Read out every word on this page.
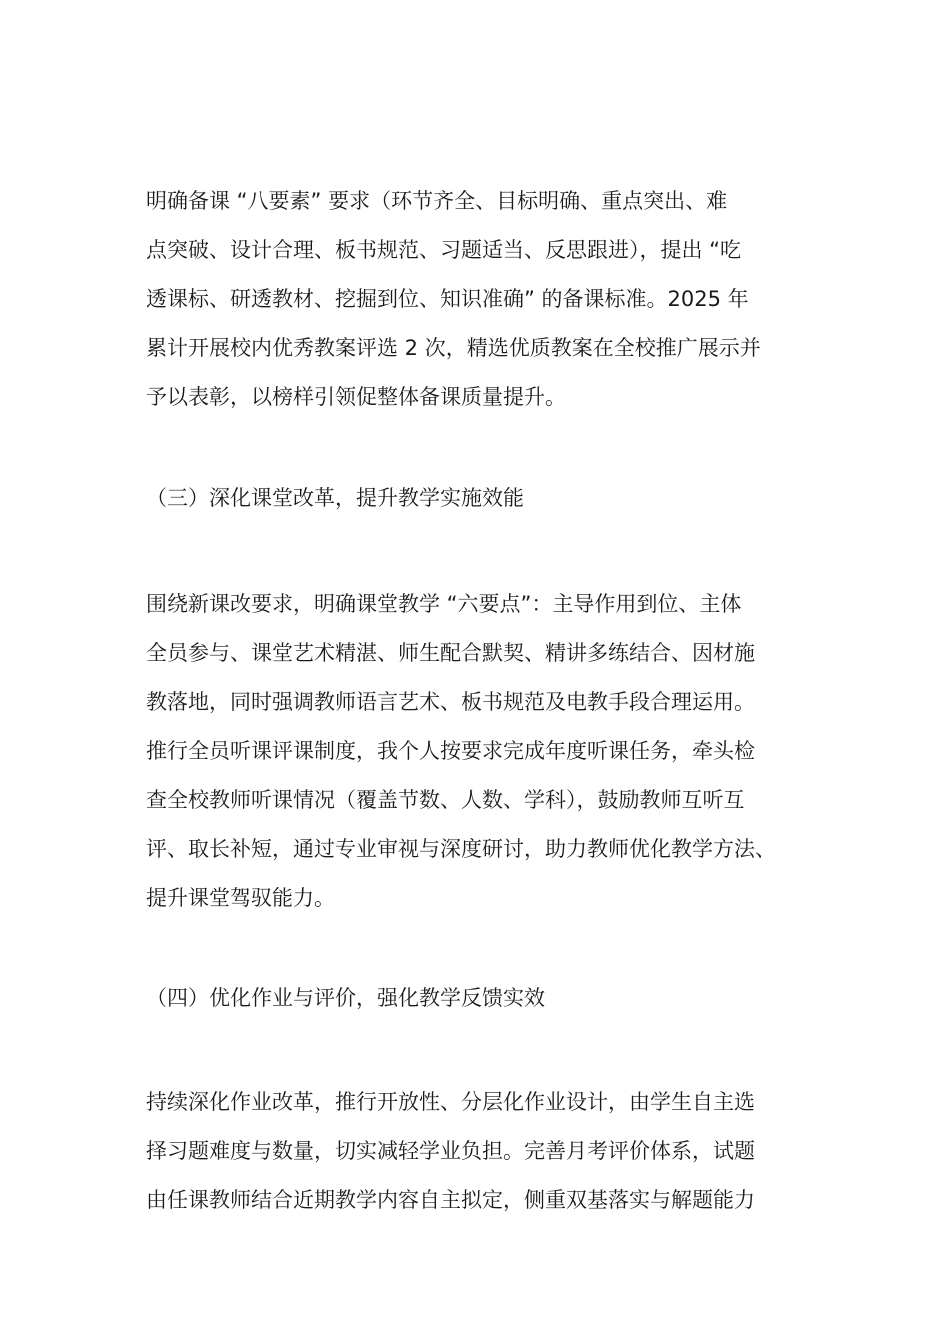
明确备课 “八要素” 要求（环节齐全、目标明确、重点突出、难
点突破、设计合理、板书规范、习题适当、反思跟进），提出 “吃
透课标、研透教材、挖掘到位、知识准确” 的备课标准。2025 年
累计开展校内优秀教案评选 2 次，精选优质教案在全校推广展示并
予以表彰，以榜样引领促整体备课质量提升。

（三）深化课堂改革，提升教学实施效能

围绕新课改要求，明确课堂教学 “六要点”：主导作用到位、主体
全员参与、课堂艺术精湛、师生配合默契、精讲多练结合、因材施
教落地，同时强调教师语言艺术、板书规范及电教手段合理运用。
推行全员听课评课制度，我个人按要求完成年度听课任务，牵头检
查全校教师听课情况（覆盖节数、人数、学科），鼓励教师互听互
评、取长补短，通过专业审视与深度研讨，助力教师优化教学方法、
提升课堂驾驭能力。

（四）优化作业与评价，强化教学反馈实效

持续深化作业改革，推行开放性、分层化作业设计，由学生自主选
择习题难度与数量，切实减轻学业负担。完善月考评价体系，试题
由任课教师结合近期教学内容自主拟定，侧重双基落实与解题能力
